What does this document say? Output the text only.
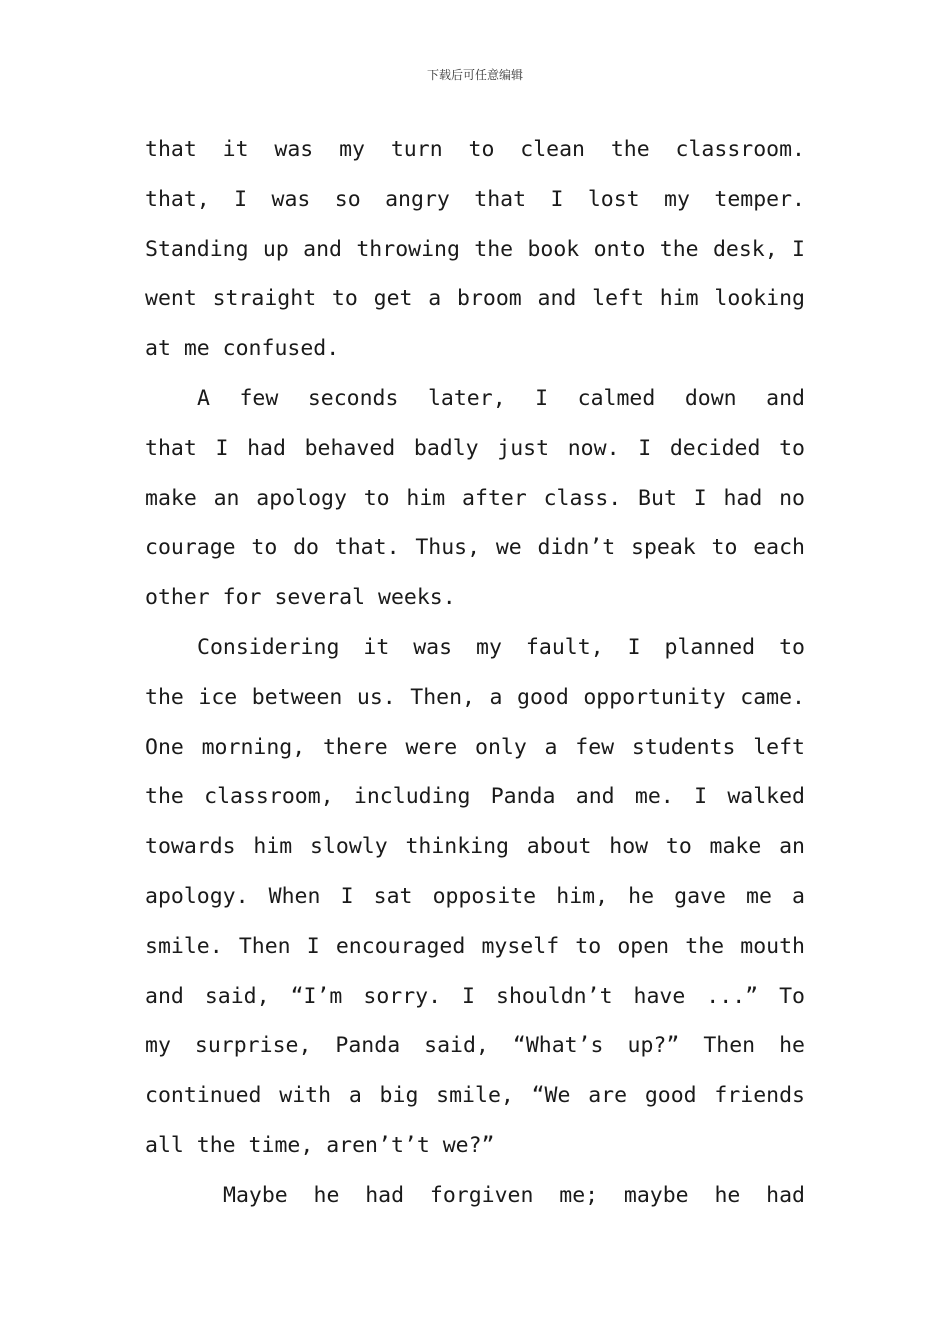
下载后可任意编辑
that it was my turn to clean the classroom.
that, I was so angry that I lost my temper.
Standing up and throwing the book onto the desk, I
went straight to get a broom and left him looking
at me confused.
A few seconds later, I calmed down and
that I had behaved badly just now. I decided to
make an apology to him after class. But I had no
courage to do that. Thus, we didn’t speak to each
other for several weeks.
Considering it was my fault, I planned to
the ice between us. Then, a good opportunity came.
One morning, there were only a few students left
the classroom, including Panda and me. I walked
towards him slowly thinking about how to make an
apology. When I sat opposite him, he gave me a
smile. Then I encouraged myself to open the mouth
and said, “I’m sorry. I shouldn’t have ...” To
my surprise, Panda said, “What’s up?” Then he
continued with a big smile, “We are good friends
all the time, aren’t’t we?”
Maybe he had forgiven me; maybe he had
